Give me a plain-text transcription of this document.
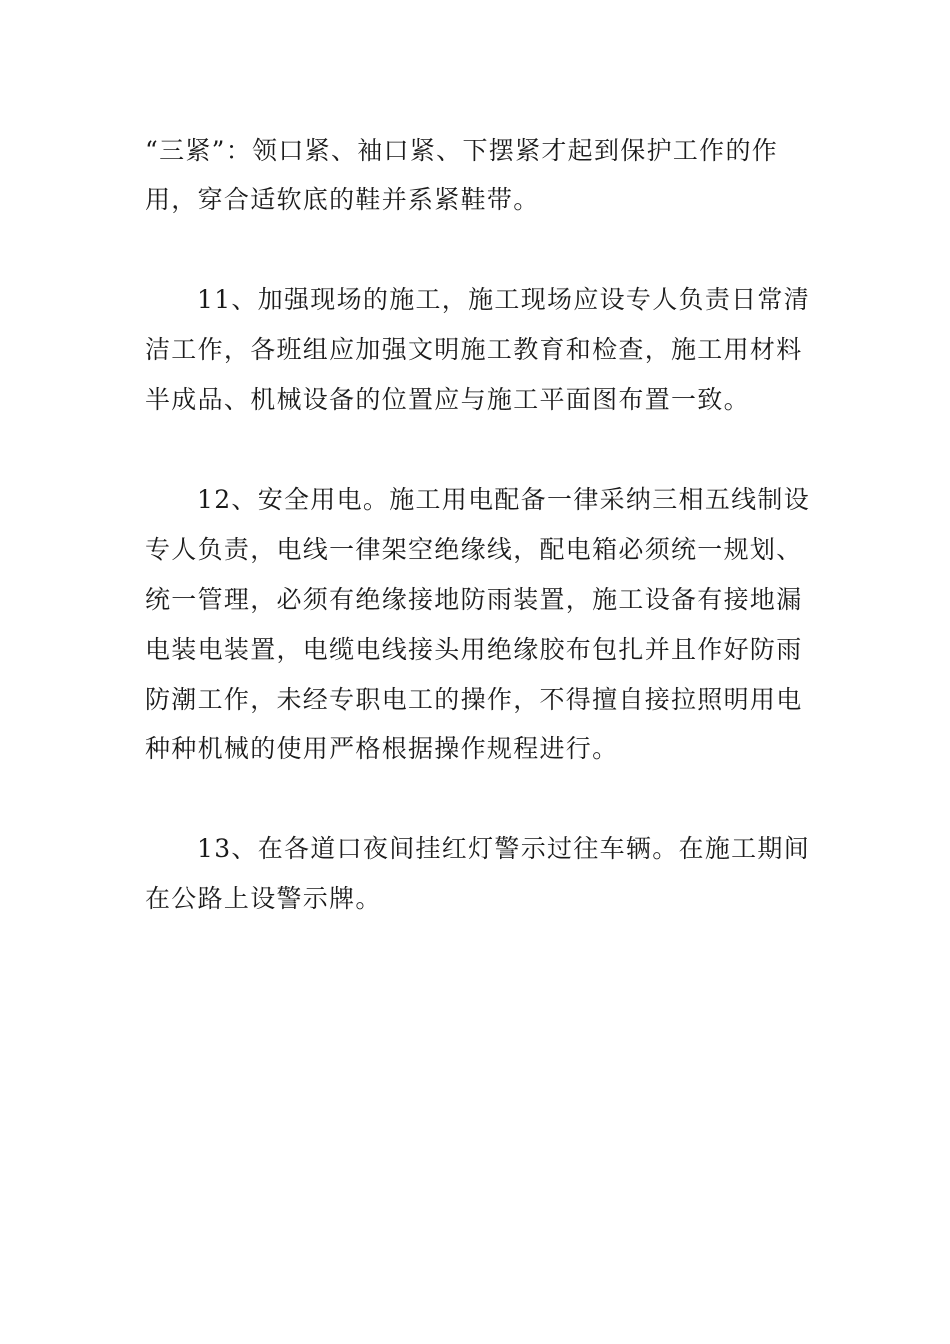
“三紧”：领口紧、袖口紧、下摆紧才起到保护工作的作
用，穿合适软底的鞋并系紧鞋带。
11、加强现场的施工，施工现场应设专人负责日常清
洁工作，各班组应加强文明施工教育和检查，施工用材料
半成品、机械设备的位置应与施工平面图布置一致。
12、安全用电。施工用电配备一律采纳三相五线制设
专人负责，电线一律架空绝缘线，配电箱必须统一规划、
统一管理，必须有绝缘接地防雨装置，施工设备有接地漏
电装电装置，电缆电线接头用绝缘胶布包扎并且作好防雨
防潮工作，未经专职电工的操作，不得擅自接拉照明用电
种种机械的使用严格根据操作规程进行。
13、在各道口夜间挂红灯警示过往车辆。在施工期间
在公路上设警示牌。
